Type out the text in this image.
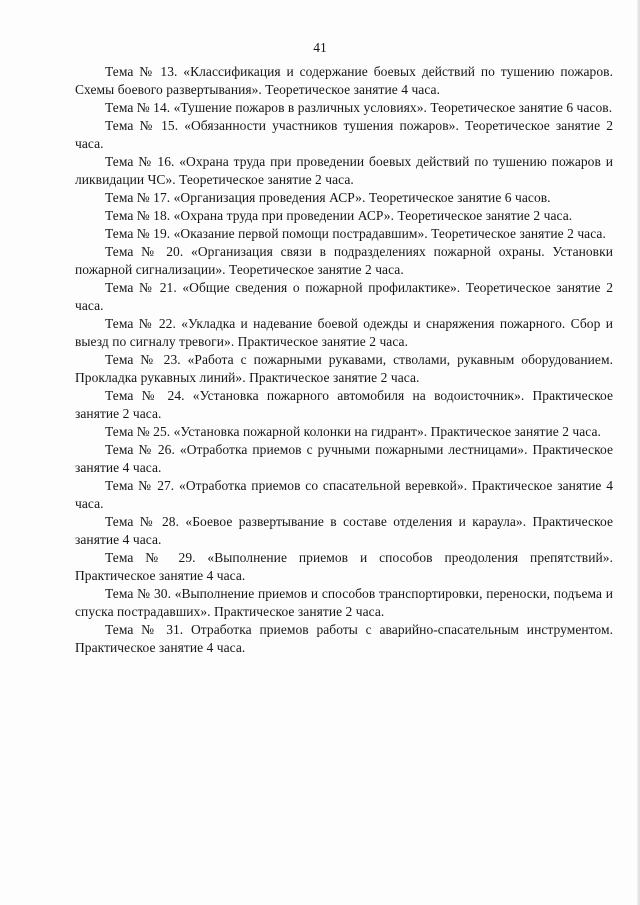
41

Тема № 13. «Классификация и содержание боевых действий по тушению пожаров. Схемы боевого развертывания». Теоретическое занятие 4 часа.

Тема № 14. «Тушение пожаров в различных условиях». Теоретическое занятие 6 часов.

Тема № 15. «Обязанности участников тушения пожаров». Теоретическое занятие 2 часа.

Тема № 16. «Охрана труда при проведении боевых действий по тушению пожаров и ликвидации ЧС». Теоретическое занятие 2 часа.

Тема № 17. «Организация проведения АСР». Теоретическое занятие 6 часов.

Тема № 18. «Охрана труда при проведении АСР». Теоретическое занятие 2 часа.

Тема № 19. «Оказание первой помощи пострадавшим». Теоретическое занятие 2 часа.

Тема № 20. «Организация связи в подразделениях пожарной охраны. Установки пожарной сигнализации». Теоретическое занятие 2 часа.

Тема № 21. «Общие сведения о пожарной профилактике». Теоретическое занятие 2 часа.

Тема № 22. «Укладка и надевание боевой одежды и снаряжения пожарного. Сбор и выезд по сигналу тревоги». Практическое занятие 2 часа.

Тема № 23. «Работа с пожарными рукавами, стволами, рукавным оборудованием. Прокладка рукавных линий». Практическое занятие 2 часа.

Тема № 24. «Установка пожарного автомобиля на водоисточник». Практическое занятие 2 часа.

Тема № 25. «Установка пожарной колонки на гидрант». Практическое занятие 2 часа.

Тема № 26. «Отработка приемов с ручными пожарными лестницами». Практическое занятие 4 часа.

Тема № 27. «Отработка приемов со спасательной веревкой». Практическое занятие 4 часа.

Тема № 28. «Боевое развертывание в составе отделения и караула». Практическое занятие 4 часа.

Тема № 29. «Выполнение приемов и способов преодоления препятствий». Практическое занятие 4 часа.

Тема № 30. «Выполнение приемов и способов транспортировки, переноски, подъема и спуска пострадавших». Практическое занятие 2 часа.

Тема № 31. Отработка приемов работы с аварийно-спасательным инструментом. Практическое занятие 4 часа.
